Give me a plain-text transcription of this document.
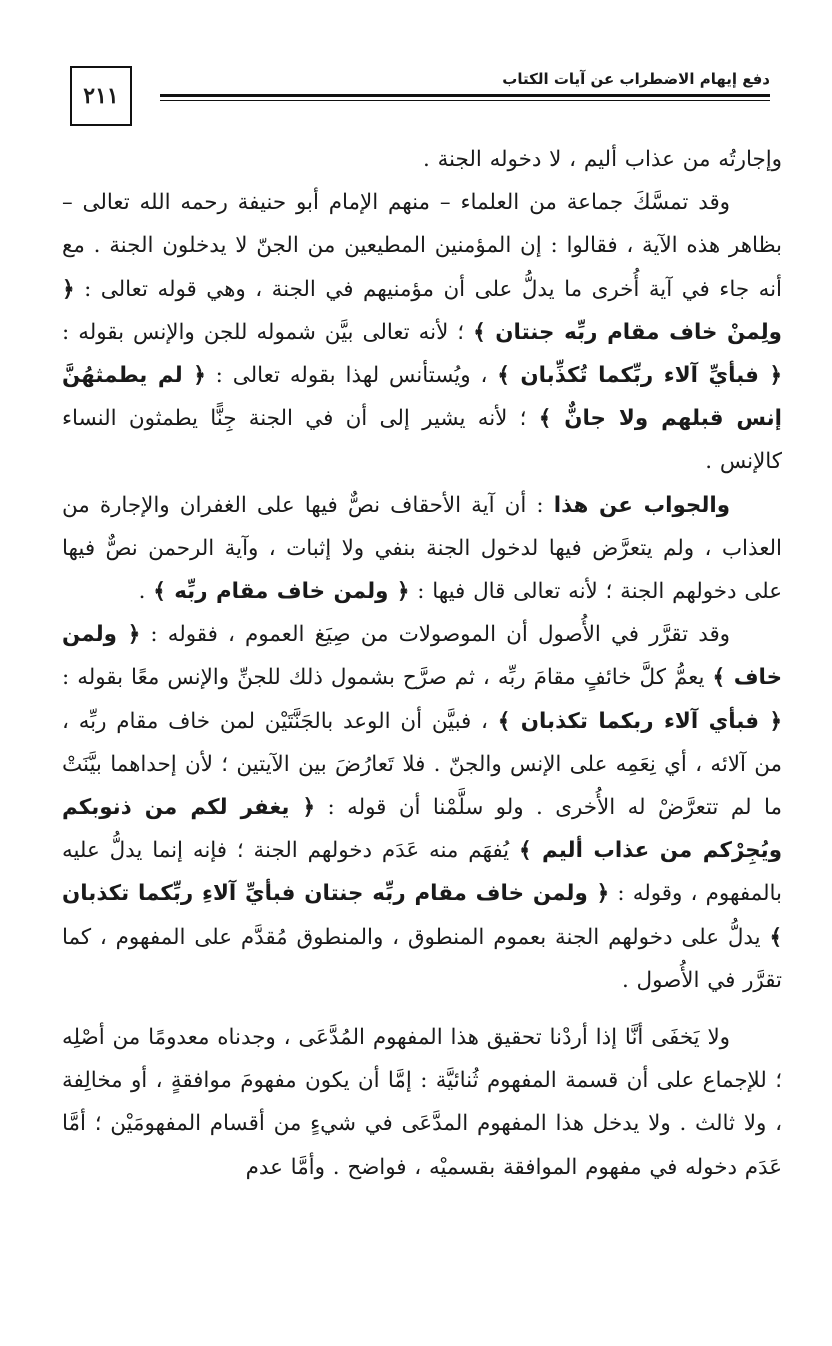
٢١١
دفع إيهام الاضطراب عن آيات الكتاب

وإجارتُه من عذاب أليم ، لا دخوله الجنة .

وقد تمسَّكَ جماعة من العلماء – منهم الإمام أبو حنيفة رحمه الله تعالى – بظاهر هذه الآية ، فقالوا : إن المؤمنين المطيعين من الجنّ لا يدخلون الجنة . مع أنه جاء في آية أُخرى ما يدلُّ على أن مؤمنيهم في الجنة ، وهي قوله تعالى : ﴿ ولِمنْ خاف مقام ربِّه جنتان ﴾ ؛ لأنه تعالى بيَّن شموله للجن والإنس بقوله : ﴿ فبأيِّ آلاء ربِّكما تُكذِّبان ﴾ ، ويُستأنس لهذا بقوله تعالى : ﴿ لم يطمثهُنَّ إنس قبلهم ولا جانٌّ ﴾ ؛ لأنه يشير إلى أن في الجنة جِنًّا يطمثون النساء كالإنس .

والجواب عن هذا : أن آية الأحقاف نصٌّ فيها على الغفران والإجارة من العذاب ، ولم يتعرَّض فيها لدخول الجنة بنفي ولا إثبات ، وآية الرحمن نصٌّ فيها على دخولهم الجنة ؛ لأنه تعالى قال فيها : ﴿ ولمن خاف مقام ربِّه ﴾ .

وقد تقرَّر في الأُصول أن الموصولات من صِيَغ العموم ، فقوله : ﴿ ولمن خاف ﴾ يعمُّ كلَّ خائفٍ مقامَ ربِّه ، ثم صرَّح بشمول ذلك للجنِّ والإنس معًا بقوله : ﴿ فبأي آلاء ربكما تكذبان ﴾ ، فبيَّن أن الوعد بالجَنَّتَيْن لمن خاف مقام ربِّه ، من آلائه ، أي نِعَمِه على الإنس والجنّ . فلا تَعارُضَ بين الآيتين ؛ لأن إحداهما بيَّنَتْ ما لم تتعرَّضْ له الأُخرى . ولو سلَّمْنا أن قوله : ﴿ يغفر لكم من ذنوبكم ويُجِرْكم من عذاب أليم ﴾ يُفهَم منه عَدَم دخولهم الجنة ؛ فإنه إنما يدلُّ عليه بالمفهوم ، وقوله : ﴿ ولمن خاف مقام ربِّه جنتان فبأيِّ آلاءِ ربِّكما تكذبان ﴾ يدلُّ على دخولهم الجنة بعموم المنطوق ، والمنطوق مُقدَّم على المفهوم ، كما تقرَّر في الأُصول .

ولا يَخفَى أنَّا إذا أردْنا تحقيق هذا المفهوم المُدَّعَى ، وجدناه معدومًا من أصْلِه ؛ للإجماع على أن قسمة المفهوم ثُنائيَّة : إمَّا أن يكون مفهومَ موافقةٍ ، أو مخالِفة ، ولا ثالث . ولا يدخل هذا المفهوم المدَّعَى في شيءٍ من أقسام المفهومَيْن ؛ أمَّا عَدَم دخوله في مفهوم الموافقة بقسميْه ، فواضح . وأمَّا عدم
